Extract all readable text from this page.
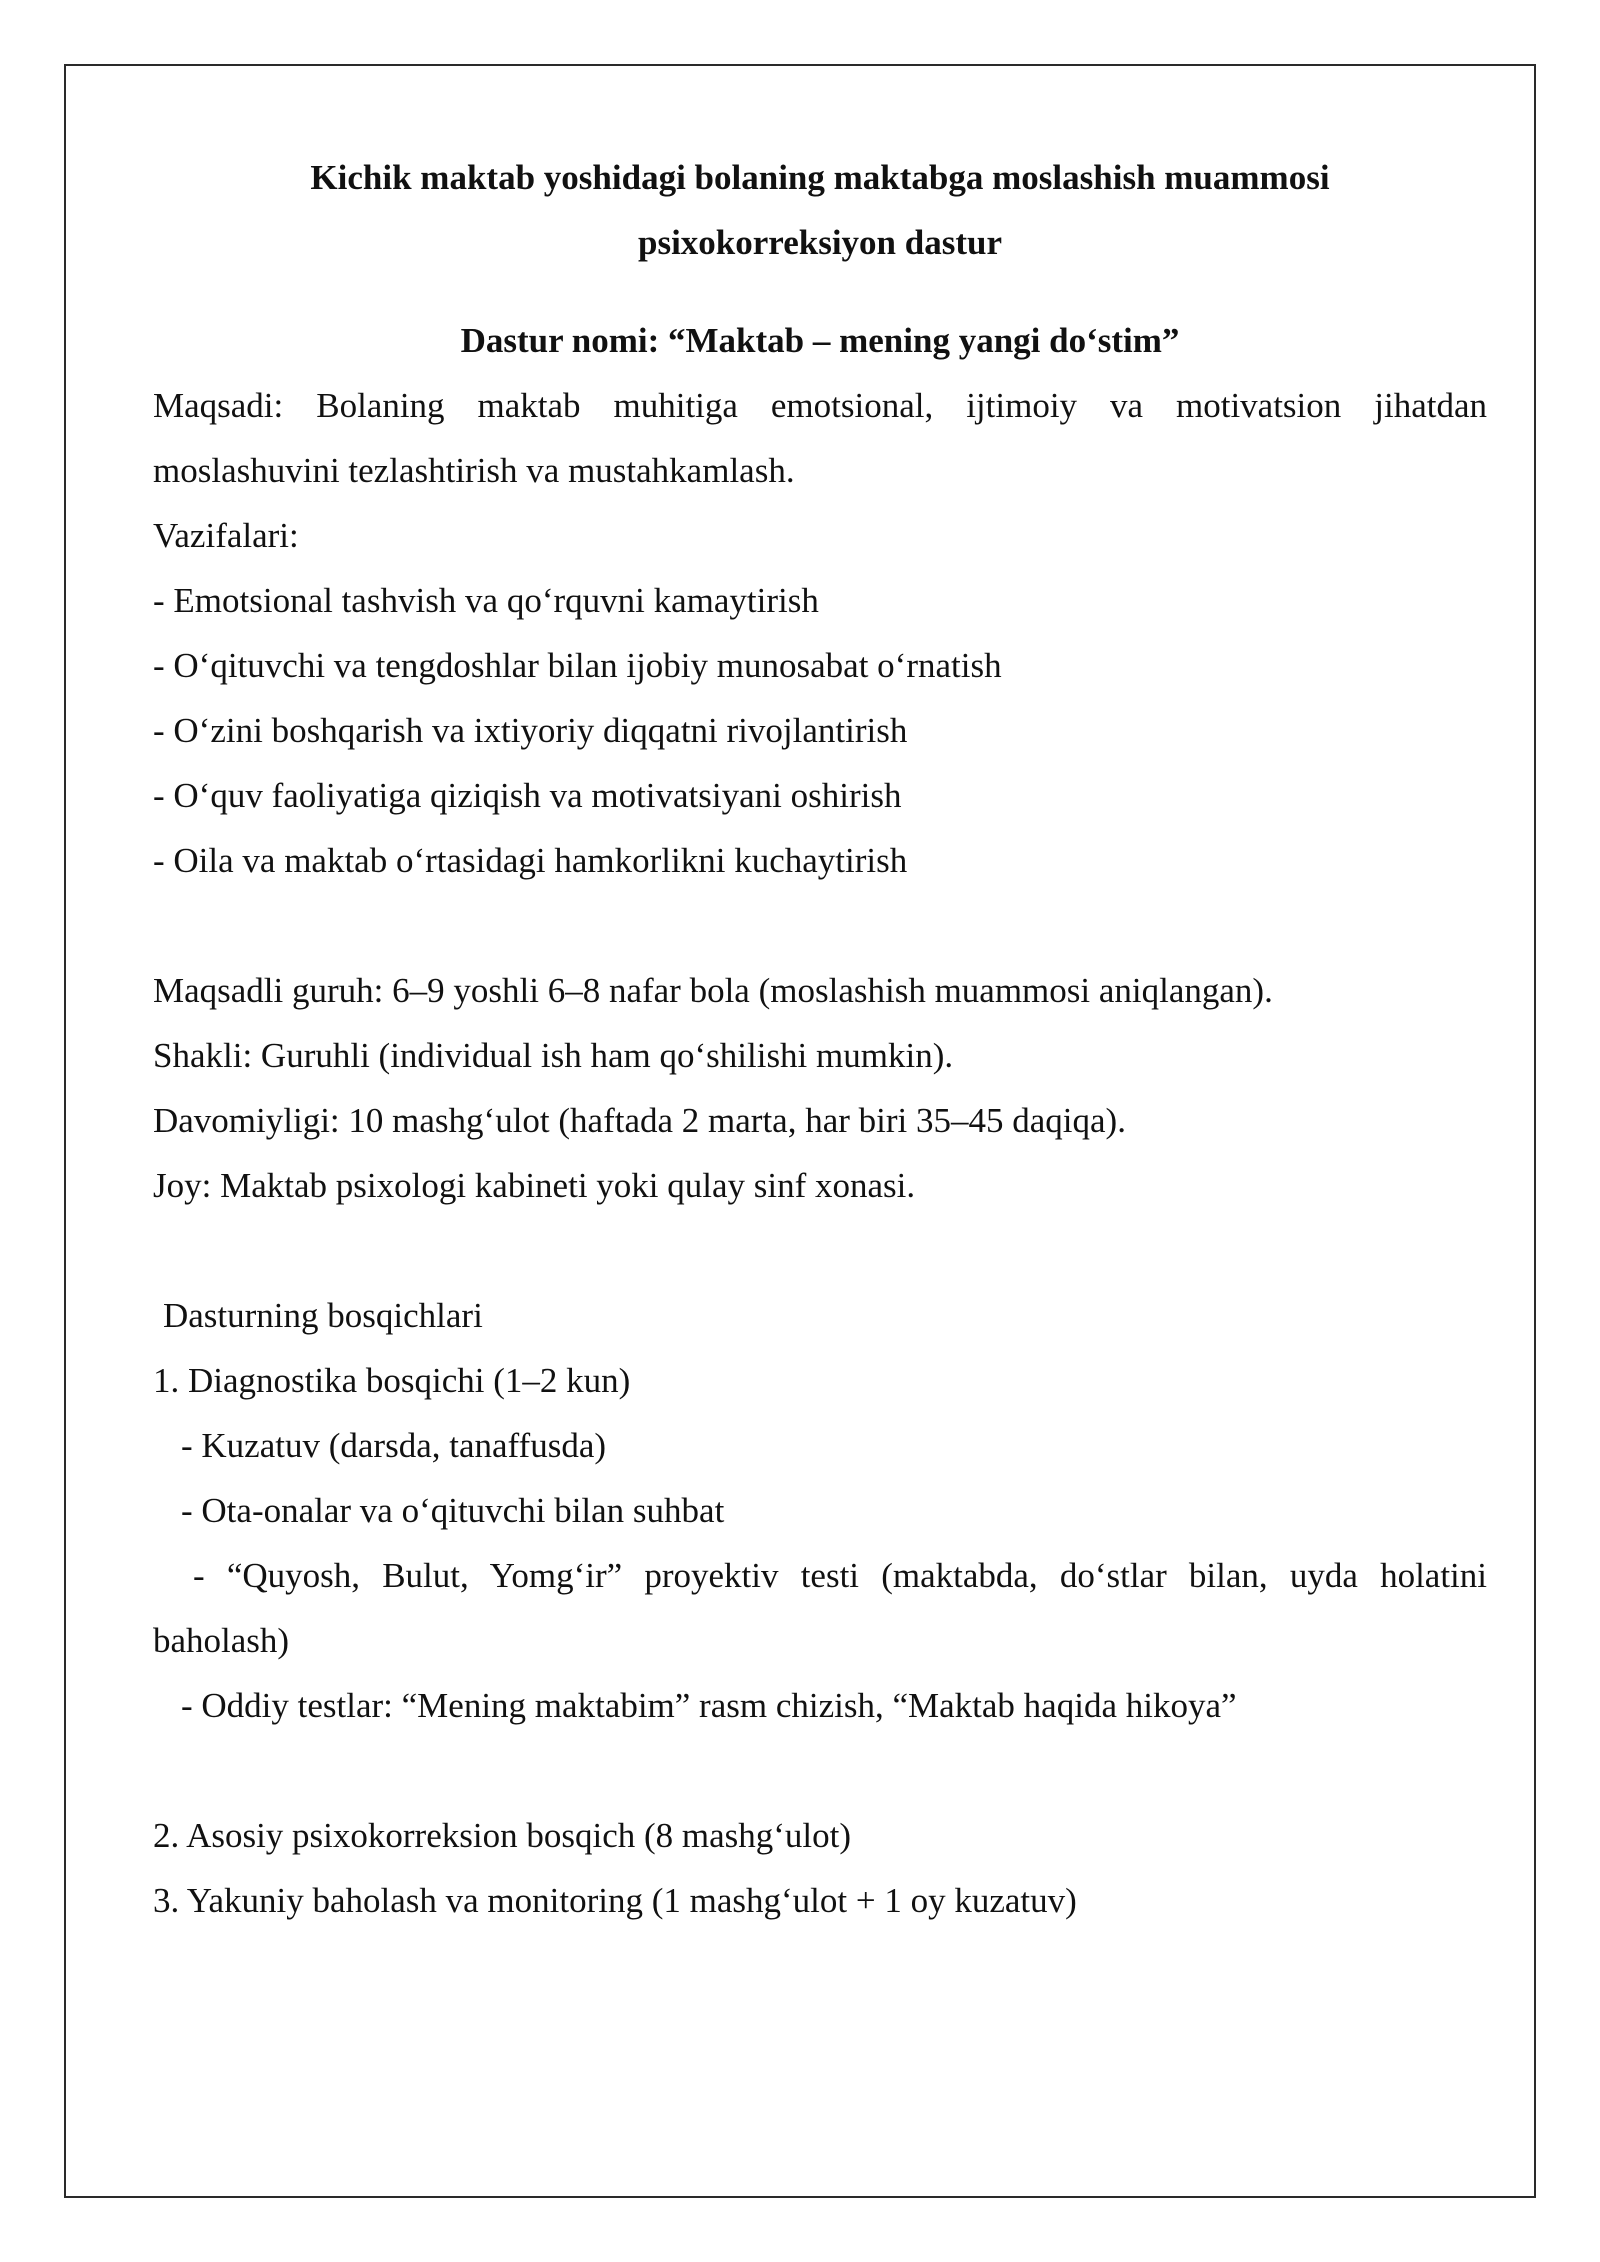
Kichik maktab yoshidagi bolaning maktabga moslashish muammosi

psixokorreksiyon dastur

Dastur nomi: “Maktab – mening yangi do‘stim”

Maqsadi: Bolaning maktab muhitiga emotsional, ijtimoiy va motivatsion jihatdan moslashuvini tezlashtirish va mustahkamlash.

Vazifalari:

- Emotsional tashvish va qo‘rquvni kamaytirish

- O‘qituvchi va tengdoshlar bilan ijobiy munosabat o‘rnatish

- O‘zini boshqarish va ixtiyoriy diqqatni rivojlantirish

- O‘quv faoliyatiga qiziqish va motivatsiyani oshirish

- Oila va maktab o‘rtasidagi hamkorlikni kuchaytirish

Maqsadli guruh: 6–9 yoshli 6–8 nafar bola (moslashish muammosi aniqlangan).

Shakli: Guruhli (individual ish ham qo‘shilishi mumkin).

Davomiyligi: 10 mashg‘ulot (haftada 2 marta, har biri 35–45 daqiqa).

Joy: Maktab psixologi kabineti yoki qulay sinf xonasi.

Dasturning bosqichlari

1. Diagnostika bosqichi (1–2 kun)

- Kuzatuv (darsda, tanaffusda)

- Ota-onalar va o‘qituvchi bilan suhbat

- “Quyosh, Bulut, Yomg‘ir” proyektiv testi (maktabda, do‘stlar bilan, uyda holatini baholash)

- Oddiy testlar: “Mening maktabim” rasm chizish, “Maktab haqida hikoya”

2. Asosiy psixokorreksion bosqich (8 mashg‘ulot)

3. Yakuniy baholash va monitoring (1 mashg‘ulot + 1 oy kuzatuv)
